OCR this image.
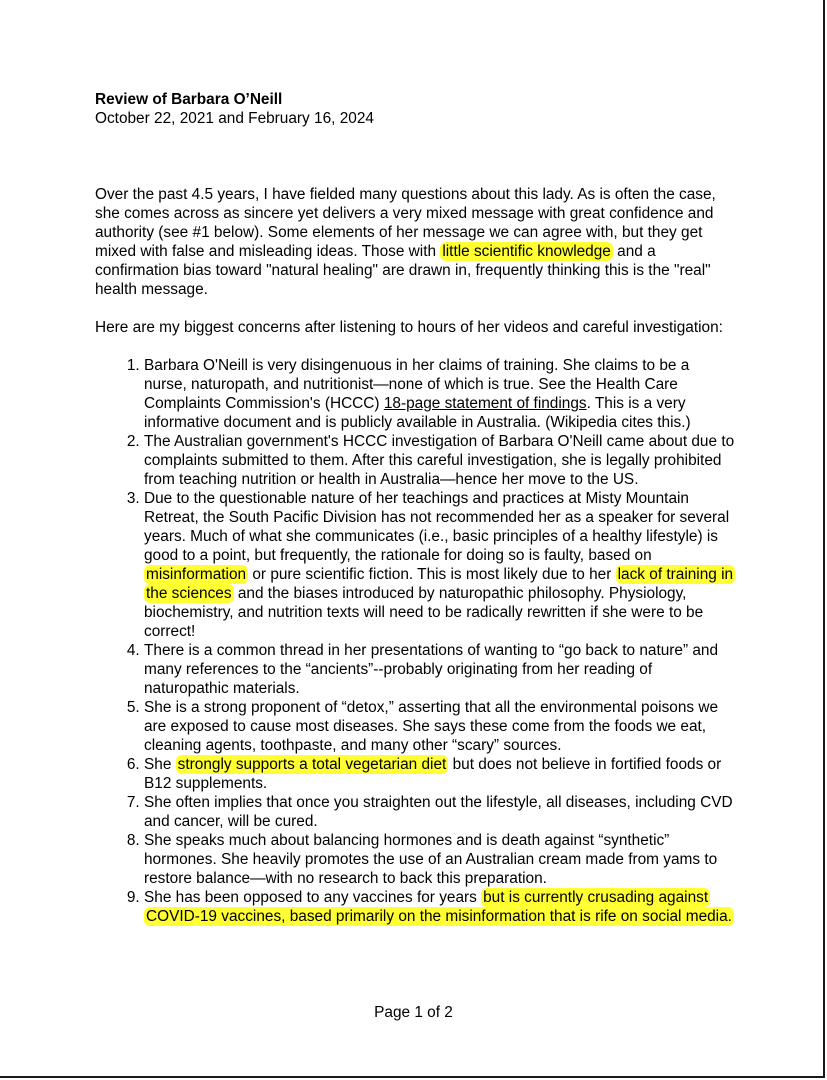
Review of Barbara O’Neill

October 22, 2021 and February 16, 2024

Over the past 4.5 years, I have fielded many questions about this lady. As is often the case, she comes across as sincere yet delivers a very mixed message with great confidence and authority (see #1 below). Some elements of her message we can agree with, but they get mixed with false and misleading ideas. Those with little scientific knowledge and a confirmation bias toward "natural healing" are drawn in, frequently thinking this is the "real" health message.

Here are my biggest concerns after listening to hours of her videos and careful investigation:

1. Barbara O'Neill is very disingenuous in her claims of training. She claims to be a nurse, naturopath, and nutritionist—none of which is true. See the Health Care Complaints Commission's (HCCC) 18-page statement of findings. This is a very informative document and is publicly available in Australia. (Wikipedia cites this.)
2. The Australian government's HCCC investigation of Barbara O'Neill came about due to complaints submitted to them. After this careful investigation, she is legally prohibited from teaching nutrition or health in Australia—hence her move to the US.
3. Due to the questionable nature of her teachings and practices at Misty Mountain Retreat, the South Pacific Division has not recommended her as a speaker for several years. Much of what she communicates (i.e., basic principles of a healthy lifestyle) is good to a point, but frequently, the rationale for doing so is faulty, based on misinformation or pure scientific fiction. This is most likely due to her lack of training in the sciences and the biases introduced by naturopathic philosophy. Physiology, biochemistry, and nutrition texts will need to be radically rewritten if she were to be correct!
4. There is a common thread in her presentations of wanting to “go back to nature” and many references to the “ancients”--probably originating from her reading of naturopathic materials.
5. She is a strong proponent of “detox,” asserting that all the environmental poisons we are exposed to cause most diseases. She says these come from the foods we eat, cleaning agents, toothpaste, and many other “scary” sources.
6. She strongly supports a total vegetarian diet but does not believe in fortified foods or B12 supplements.
7. She often implies that once you straighten out the lifestyle, all diseases, including CVD and cancer, will be cured.
8. She speaks much about balancing hormones and is death against “synthetic” hormones. She heavily promotes the use of an Australian cream made from yams to restore balance—with no research to back this preparation.
9. She has been opposed to any vaccines for years but is currently crusading against COVID-19 vaccines, based primarily on the misinformation that is rife on social media.
Page 1 of 2
